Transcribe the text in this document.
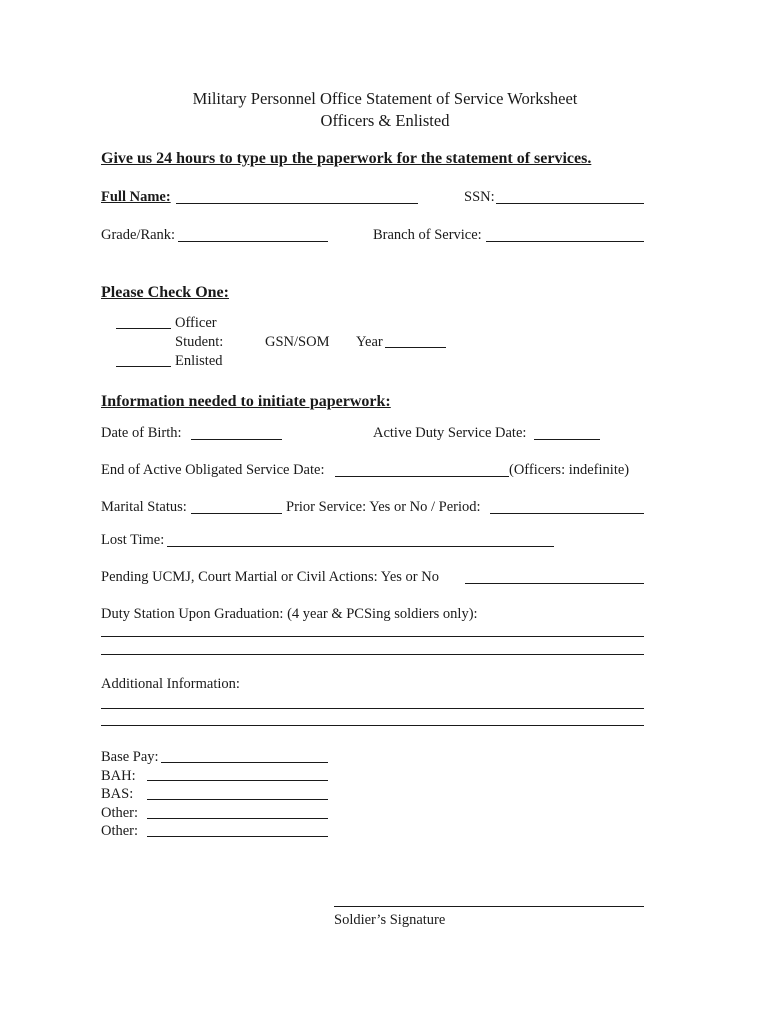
Military Personnel Office Statement of Service Worksheet
Officers & Enlisted
Give us 24 hours to type up the paperwork for the statement of services.
Full Name:	SSN:
Grade/Rank:	Branch of Service:
Please Check One:
Officer
Student:	GSN/SOM Year
Enlisted
Information needed to initiate paperwork:
Date of Birth:	Active Duty Service Date:
End of Active Obligated Service Date:	(Officers: indefinite)
Marital Status:	Prior Service: Yes or No / Period:
Lost Time:
Pending UCMJ, Court Martial or Civil Actions: Yes or No
Duty Station Upon Graduation: (4 year & PCSing soldiers only):
Additional Information:
Base Pay:
BAH:
BAS:
Other:
Other:
Soldier’s Signature
